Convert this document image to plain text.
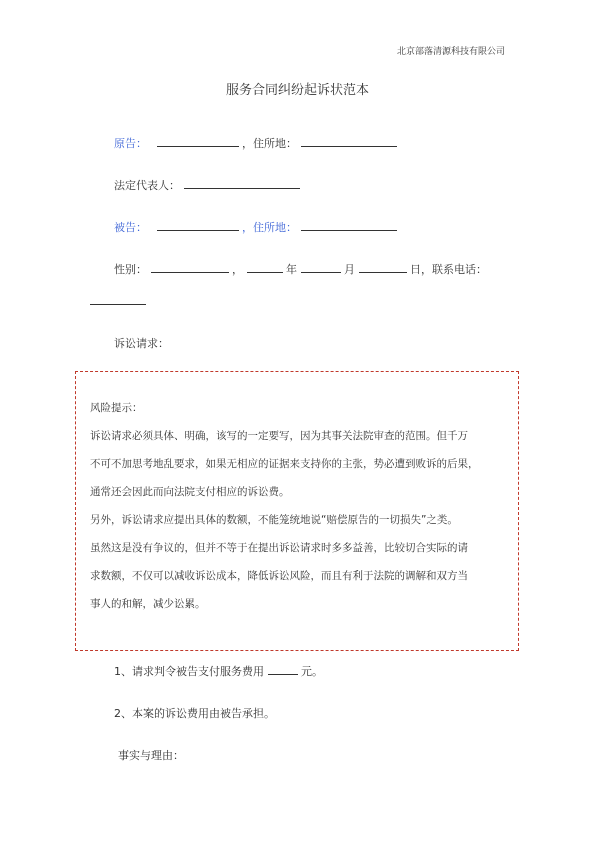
北京部落清源科技有限公司
服务合同纠纷起诉状范本
原告：	，住所地：
法定代表人：
被告：	，住所地：
性别：	，	年	月	日，联系电话：
诉讼请求：

风险提示：

诉讼请求必须具体、明确，该写的一定要写，因为其事关法院审查的范围。但千万

不可不加思考地乱要求，如果无相应的证据来支持你的主张，势必遭到败诉的后果，

通常还会因此而向法院支付相应的诉讼费。

另外，诉讼请求应提出具体的数额，不能笼统地说“赔偿原告的一切损失”之类。

虽然这是没有争议的，但并不等于在提出诉讼请求时多多益善，比较切合实际的请

求数额，不仅可以减收诉讼成本，降低诉讼风险，而且有利于法院的调解和双方当

事人的和解，减少讼累。

1、请求判令被告支付服务费用	元。
2、本案的诉讼费用由被告承担。
事实与理由：
